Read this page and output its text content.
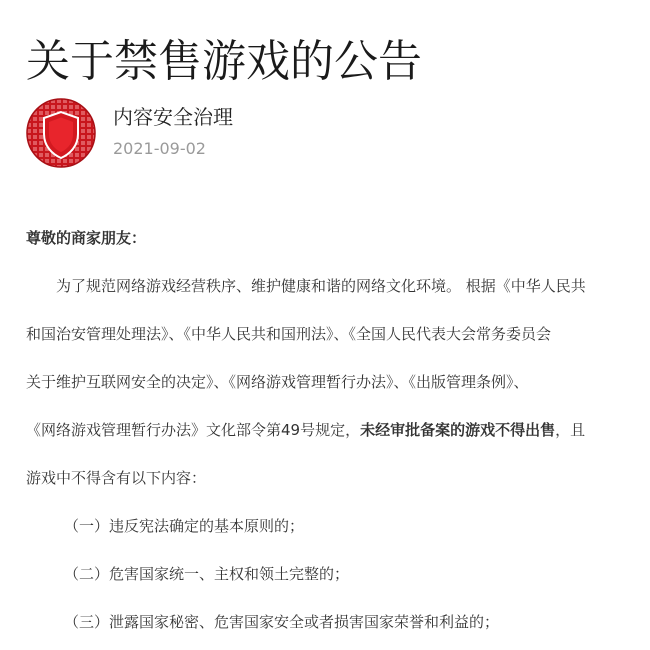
关于禁售游戏的公告
内容安全治理
2021-09-02
尊敬的商家朋友：
为了规范网络游戏经营秩序、维护健康和谐的网络文化环境。 根据《中华人民共
和国治安管理处理法》、《中华人民共和国刑法》、《全国人民代表大会常务委员会
关于维护互联网安全的决定》、《网络游戏管理暂行办法》、《出版管理条例》、
《网络游戏管理暂行办法》文化部令第49号规定，未经审批备案的游戏不得出售，且
游戏中不得含有以下内容：
（一）违反宪法确定的基本原则的；
（二）危害国家统一、主权和领土完整的；
（三）泄露国家秘密、危害国家安全或者损害国家荣誉和利益的；
